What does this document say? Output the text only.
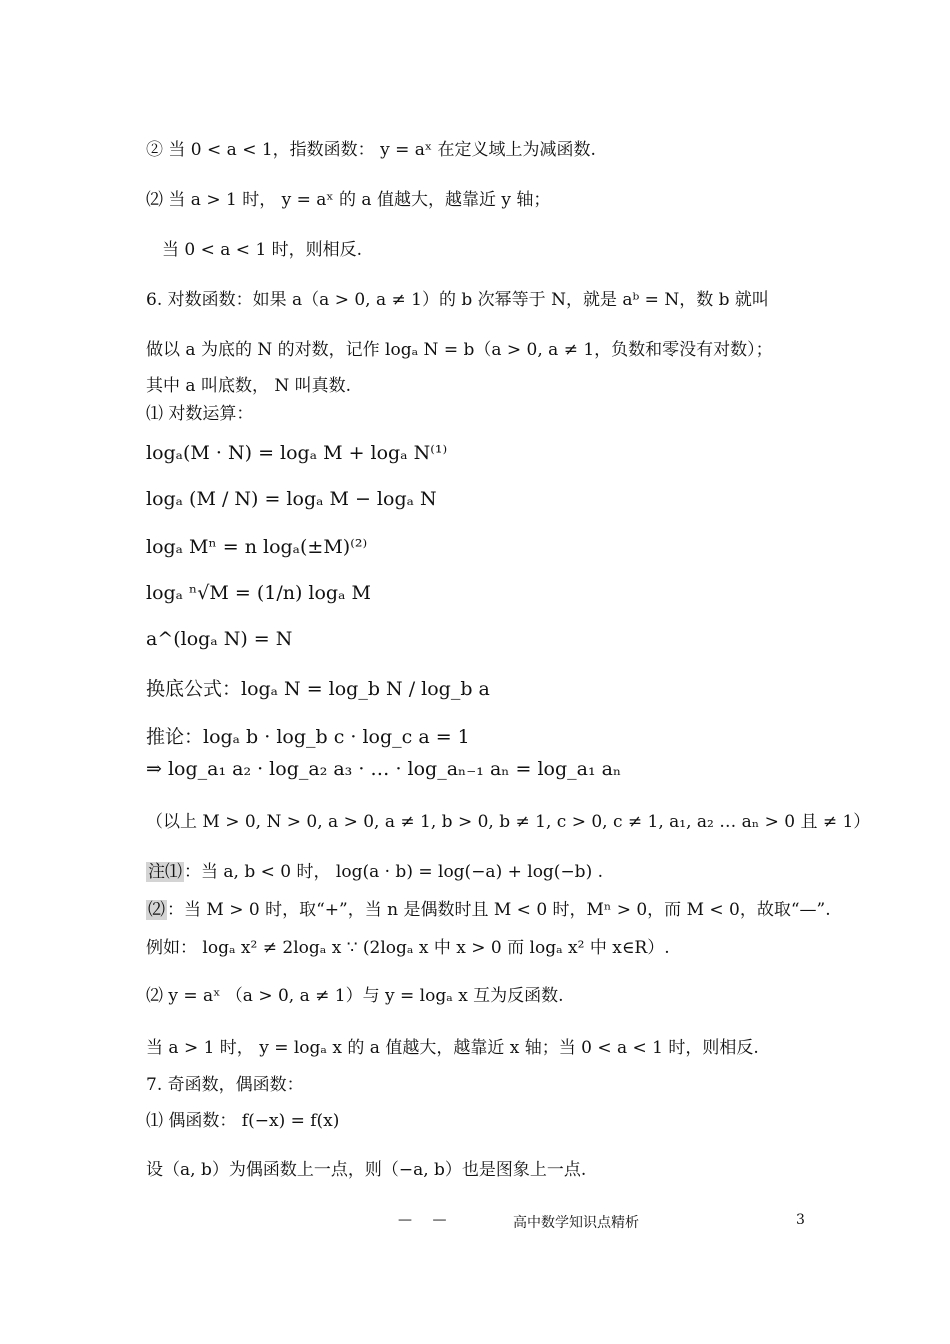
② 当 0 < a < 1，指数函数： y = aˣ 在定义域上为减函数.
⑵ 当 a > 1 时， y = aˣ 的 a 值越大，越靠近 y 轴；
当 0 < a < 1 时，则相反.
6. 对数函数：如果 a（a > 0, a ≠ 1）的 b 次幂等于 N，就是 aᵇ = N，数 b 就叫
做以 a 为底的 N 的对数，记作 logₐ N = b（a > 0, a ≠ 1，负数和零没有对数）；
其中 a 叫底数， N 叫真数.
⑴ 对数运算：
logₐ(M · N) = logₐ M + logₐ N⁽¹⁾
logₐ (M / N) = logₐ M − logₐ N
logₐ Mⁿ = n logₐ(±M)⁽²⁾
logₐ ⁿ√M = (1/n) logₐ M
a^(logₐ N) = N
换底公式：logₐ N = log_b N / log_b a
推论：logₐ b · log_b c · log_c a = 1
⇒ log_a₁ a₂ · log_a₂ a₃ · … · log_aₙ₋₁ aₙ = log_a₁ aₙ
（以上 M > 0, N > 0, a > 0, a ≠ 1, b > 0, b ≠ 1, c > 0, c ≠ 1, a₁, a₂ … aₙ > 0 且 ≠ 1）
注⑴ ：当 a, b < 0 时， log(a · b) = log(−a) + log(−b) .
⑵ ：当 M > 0 时，取“+”，当 n 是偶数时且 M < 0 时，Mⁿ > 0，而 M < 0，故取“—”.
例如： logₐ x² ≠ 2logₐ x ∵ (2logₐ x 中 x > 0 而 logₐ x² 中 x∈R）.
⑵ y = aˣ （a > 0, a ≠ 1）与 y = logₐ x 互为反函数.
当 a > 1 时， y = logₐ x 的 a 值越大，越靠近 x 轴；当 0 < a < 1 时，则相反.
7. 奇函数，偶函数：
⑴ 偶函数： f(−x) = f(x)
设（a, b）为偶函数上一点，则（−a, b）也是图象上一点.
— —	高中数学知识点精析	3
